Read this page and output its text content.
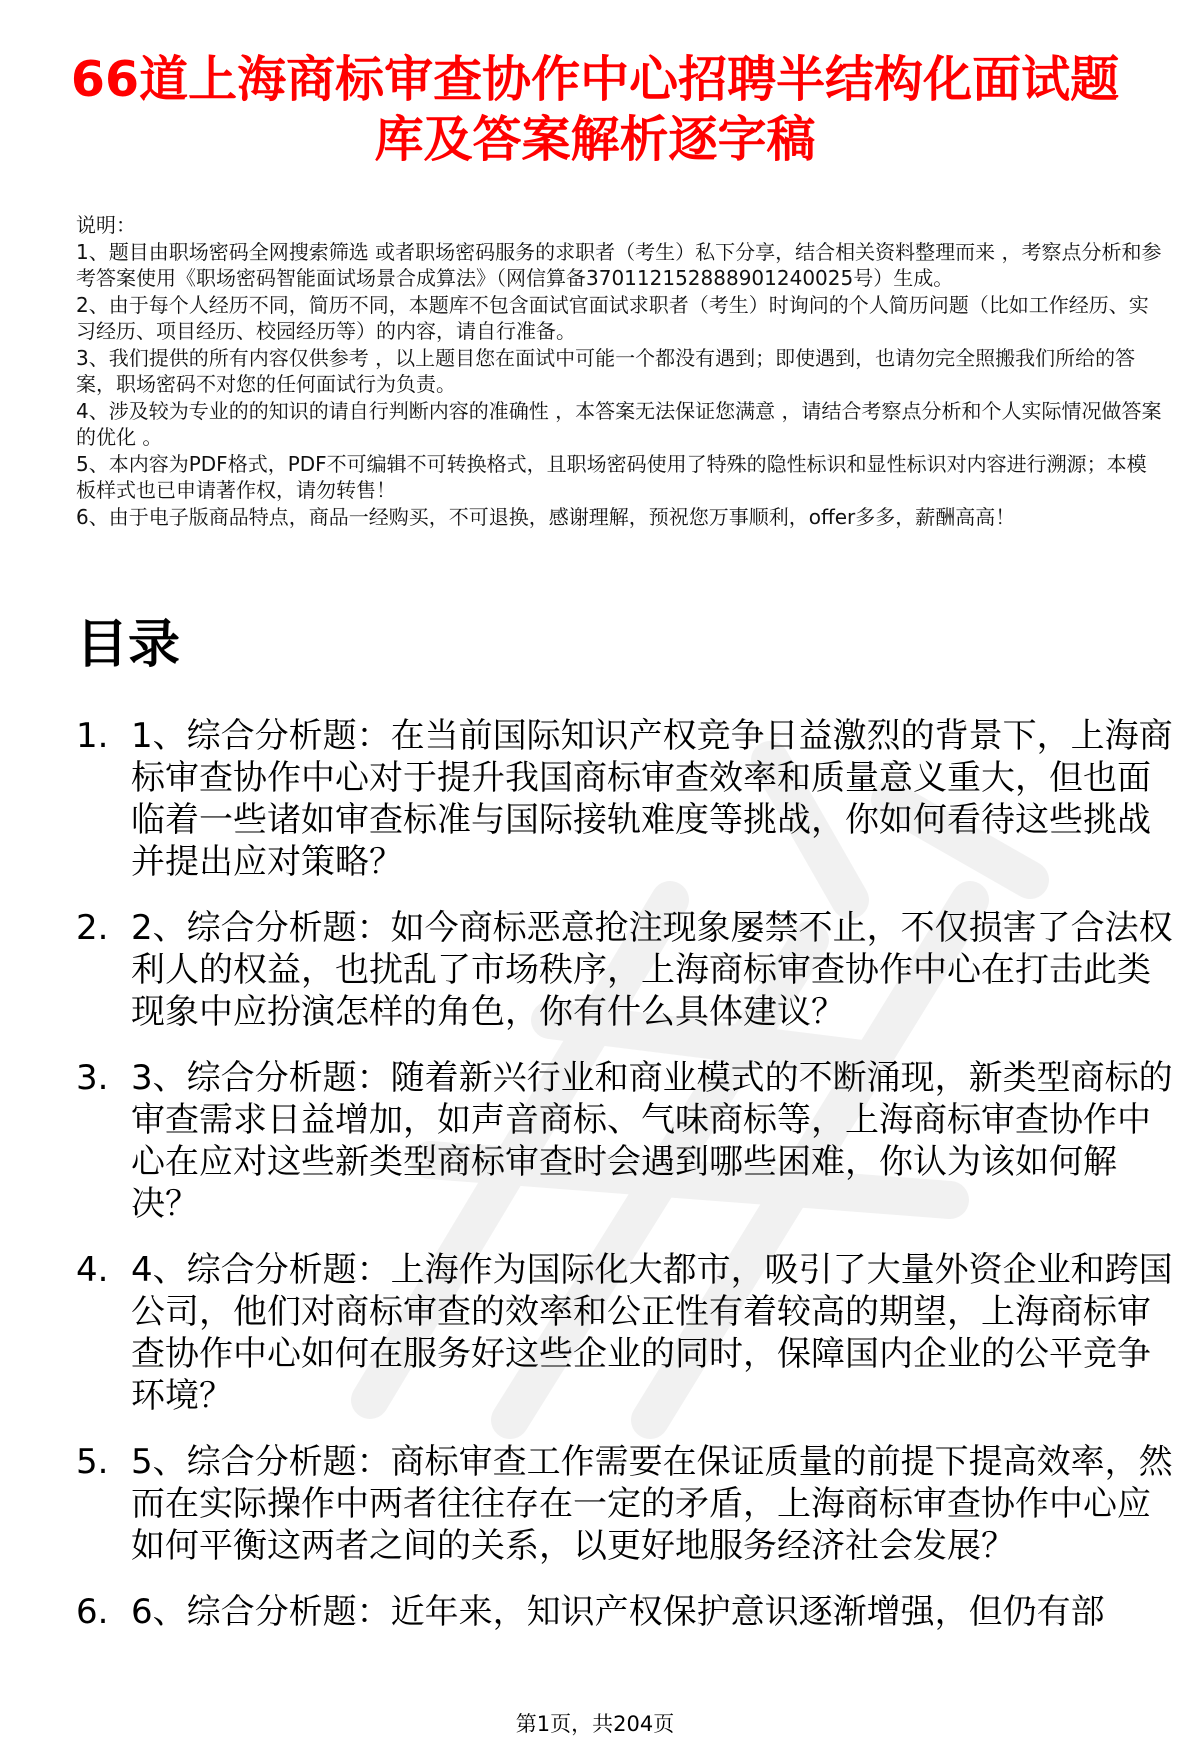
66道上海商标审查协作中心招聘半结构化面试题库及答案解析逐字稿

说明：

1、题目由职场密码全网搜索筛选 或者职场密码服务的求职者（考生）私下分享，结合相关资料整理而来 ，考察点分析和参考答案使用《职场密码智能面试场景合成算法》（网信算备370112152888901240025号）生成。

2、由于每个人经历不同，简历不同，本题库不包含面试官面试求职者（考生）时询问的个人简历问题（比如工作经历、实习经历、项目经历、校园经历等）的内容，请自行准备。

3、我们提供的所有内容仅供参考 ，以上题目您在面试中可能一个都没有遇到；即使遇到，也请勿完全照搬我们所给的答案，职场密码不对您的任何面试行为负责。

4、涉及较为专业的的知识的请自行判断内容的准确性 ，本答案无法保证您满意 ，请结合考察点分析和个人实际情况做答案的优化 。

5、本内容为PDF格式，PDF不可编辑不可转换格式，且职场密码使用了特殊的隐性标识和显性标识对内容进行溯源；本模板样式也已申请著作权，请勿转售！

6、由于电子版商品特点，商品一经购买，不可退换，感谢理解，预祝您万事顺利，offer多多，薪酬高高！

目录
1. 1、综合分析题：在当前国际知识产权竞争日益激烈的背景下，上海商标审查协作中心对于提升我国商标审查效率和质量意义重大，但也面临着一些诸如审查标准与国际接轨难度等挑战，你如何看待这些挑战并提出应对策略？
2. 2、综合分析题：如今商标恶意抢注现象屡禁不止，不仅损害了合法权利人的权益，也扰乱了市场秩序，上海商标审查协作中心在打击此类现象中应扮演怎样的角色，你有什么具体建议？
3. 3、综合分析题：随着新兴行业和商业模式的不断涌现，新类型商标的审查需求日益增加，如声音商标、气味商标等，上海商标审查协作中心在应对这些新类型商标审查时会遇到哪些困难，你认为该如何解决？
4. 4、综合分析题：上海作为国际化大都市，吸引了大量外资企业和跨国公司，他们对商标审查的效率和公正性有着较高的期望，上海商标审查协作中心如何在服务好这些企业的同时，保障国内企业的公平竞争环境？
5. 5、综合分析题：商标审查工作需要在保证质量的前提下提高效率，然而在实际操作中两者往往存在一定的矛盾，上海商标审查协作中心应如何平衡这两者之间的关系，以更好地服务经济社会发展？
6. 6、综合分析题：近年来，知识产权保护意识逐渐增强，但仍有部
第1页，共204页
